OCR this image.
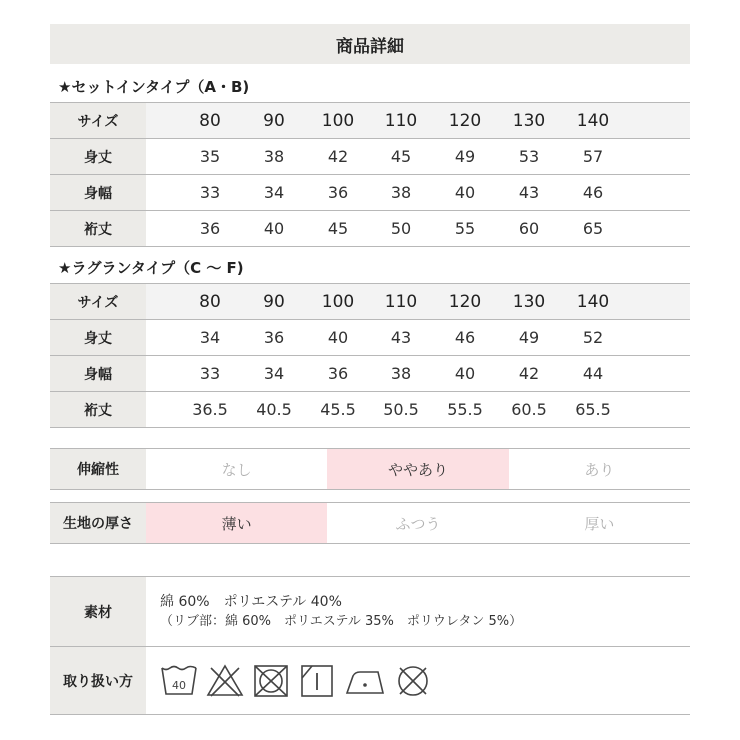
商品詳細
★セットインタイプ（A・B)
サイズ	80	90	100	110	120	130	140
身丈	35	38	42	45	49	53	57
身幅	33	34	36	38	40	43	46
裄丈	36	40	45	50	55	60	65
★ラグランタイプ（C 〜 F)
サイズ	80	90	100	110	120	130	140
身丈	34	36	40	43	46	49	52
身幅	33	34	36	38	40	42	44
裄丈	36.5	40.5	45.5	50.5	55.5	60.5	65.5
伸縮性	なし	ややあり	あり
生地の厚さ	薄い	ふつう	厚い
素材
綿 60%　ポリエステル 40%
（リブ部：綿 60%　ポリエステル 35%　ポリウレタン 5%）
取り扱い方	40
